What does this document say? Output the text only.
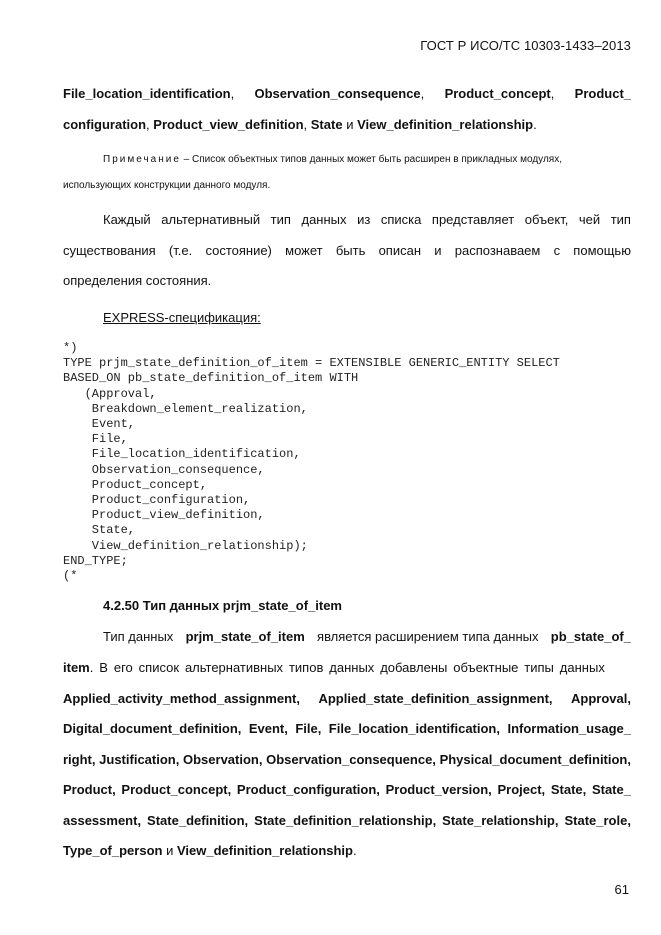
ГОСТ Р ИСО/ТС 10303-1433–2013
File_location_identification, Observation_consequence, Product_concept, Product_
configuration, Product_view_definition, State и View_definition_relationship.
Примечание – Список объектных типов данных может быть расширен в прикладных модулях,
использующих конструкции данного модуля.
Каждый альтернативный тип данных из списка представляет объект, чей тип
существования (т.е. состояние) может быть описан и распознаваем с помощью
определения состояния.
EXPRESS-спецификация:
*)
TYPE prjm_state_definition_of_item = EXTENSIBLE GENERIC_ENTITY SELECT
BASED_ON pb_state_definition_of_item WITH
(Approval,
Breakdown_element_realization,
Event,
File,
File_location_identification,
Observation_consequence,
Product_concept,
Product_configuration,
Product_view_definition,
State,
View_definition_relationship);
END_TYPE;
(*
4.2.50 Тип данных prjm_state_of_item
Тип данных prjm_state_of_item является расширением типа данных pb_state_of_
item. В его список альтернативных типов данных добавлены объектные типы данных
Applied_activity_method_assignment, Applied_state_definition_assignment, Approval,
Digital_document_definition, Event, File, File_location_identification, Information_usage_
right, Justification, Observation, Observation_consequence, Physical_document_definition,
Product, Product_concept, Product_configuration, Product_version, Project, State, State_
assessment, State_definition, State_definition_relationship, State_relationship, State_role,
Type_of_person и View_definition_relationship.
61
